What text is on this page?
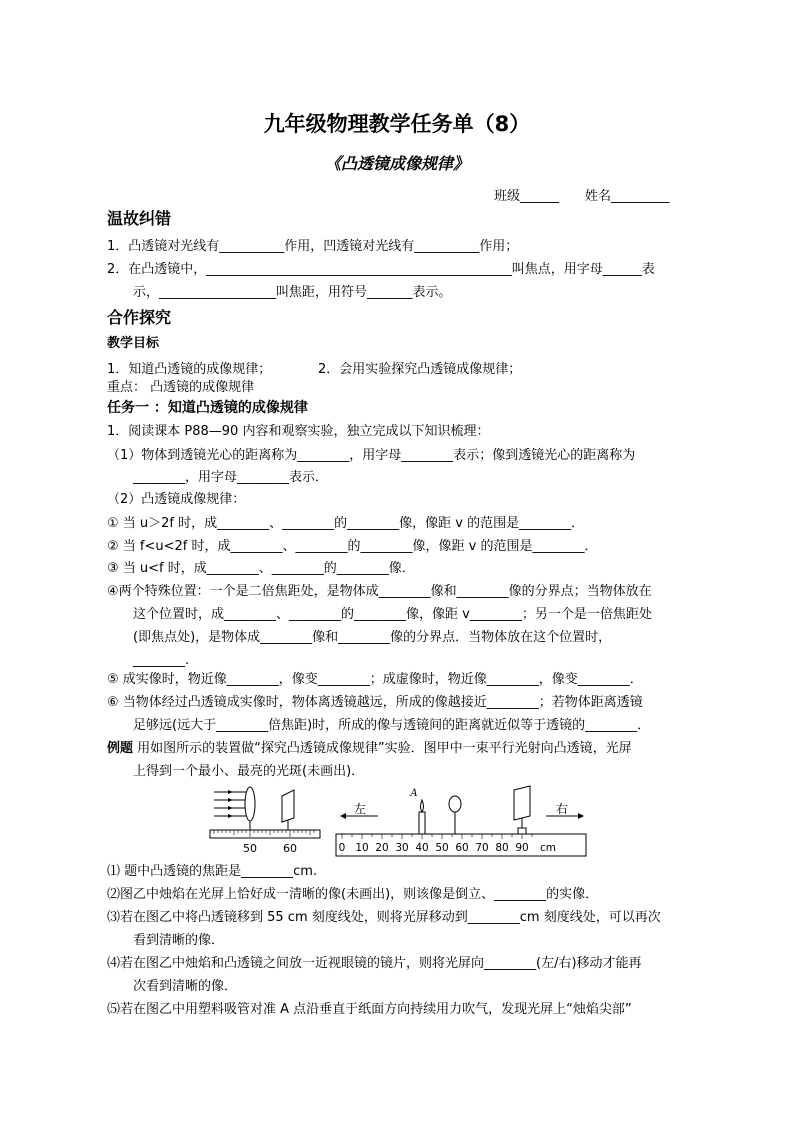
九年级物理教学任务单（8）
《凸透镜成像规律》
班级______ 姓名_________
温故纠错
1．凸透镜对光线有__________作用，凹透镜对光线有__________作用；
2．在凸透镜中，_______________________________________________叫焦点，用字母______表
示，__________________叫焦距，用符号_______表示。
合作探究
教学目标
1．知道凸透镜的成像规律；	2．会用实验探究凸透镜成像规律；
重点： 凸透镜的成像规律
任务一 ：知道凸透镜的成像规律
1．阅读课本 P88—90 内容和观察实验，独立完成以下知识梳理：
（1）物体到透镜光心的距离称为________，用字母________表示；像到透镜光心的距离称为
________，用字母________表示．
（2）凸透镜成像规律：
① 当 u＞2f 时，成________、________的________像，像距 v 的范围是________．
② 当 f<u<2f 时，成________、________的________像，像距 v 的范围是________．
③ 当 u<f 时，成________、________的________像．
④两个特殊位置：一个是二倍焦距处，是物体成________像和________像的分界点；当物体放在
这个位置时，成________、________的________像，像距 v________；另一个是一倍焦距处
(即焦点处)，是物体成________像和________像的分界点．当物体放在这个位置时，
________.
⑤ 成实像时，物近像________，像变________；成虚像时，物近像________，像变________．
⑥ 当物体经过凸透镜成实像时，物体离透镜越远，所成的像越接近________；若物体距离透镜
足够远(远大于________倍焦距)时，所成的像与透镜间的距离就近似等于透镜的________．
例题 用如图所示的装置做“探究凸透镜成像规律”实验．图甲中一束平行光射向凸透镜，光屏
上得到一个最小、最亮的光斑(未画出)．
50 60
左	右
A
0 10 20 30 40 50 60 70 80 90 cm
⑴ 题中凸透镜的焦距是________cm.
⑵图乙中烛焰在光屏上恰好成一清晰的像(未画出)，则该像是倒立、________的实像．
⑶若在图乙中将凸透镜移到 55 cm 刻度线处，则将光屏移动到________cm 刻度线处，可以再次
看到清晰的像．
⑷若在图乙中烛焰和凸透镜之间放一近视眼镜的镜片，则将光屏向________(左/右)移动才能再
次看到清晰的像．
⑸若在图乙中用塑料吸管对准 A 点沿垂直于纸面方向持续用力吹气，发现光屏上“烛焰尖部”
